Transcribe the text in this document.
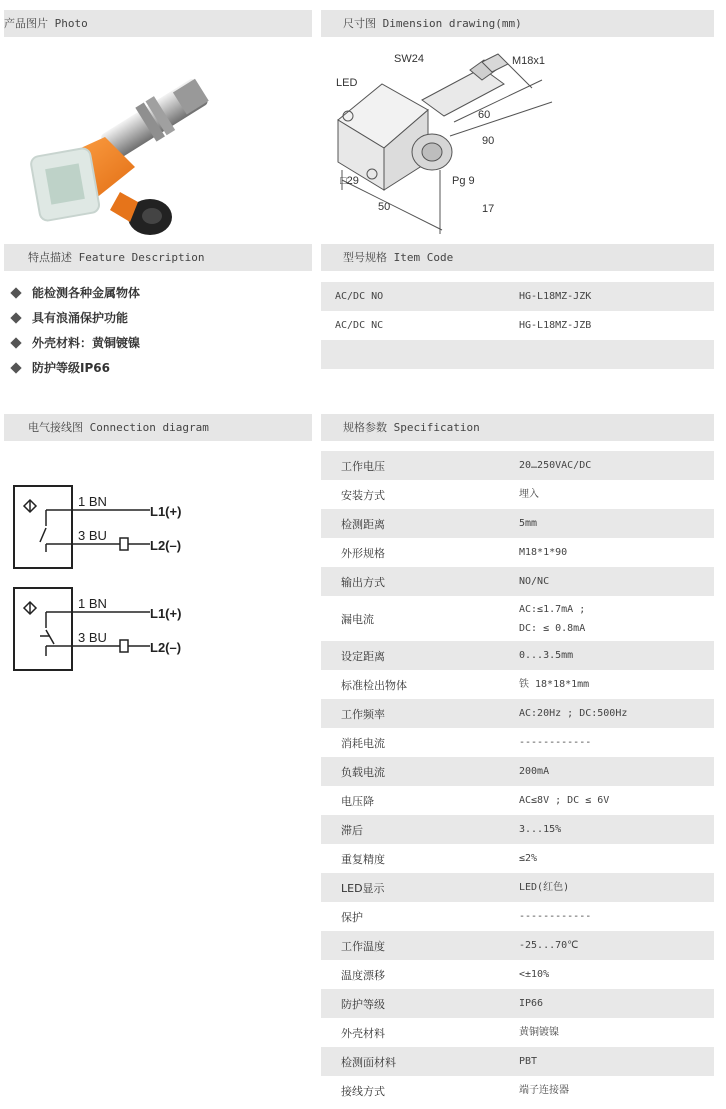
产品图片 Photo	尺寸图 Dimension drawing(mm)
特点描述 Feature Description	型号规格 Item Code
电气接线图 Connection diagram	规格参数 Specification
LED
SW24	M18x1
60
90
□29	Pg 9
17
50
能检测各种金属物体
具有浪涌保护功能
外壳材料：黄铜镀镍
防护等级IP66
AC/DC NO	HG-L18MZ-JZK
AC/DC NC	HG-L18MZ-JZB
1 BN
3 BU
L1(+)
L2(–)
1 BN
3 BU
L1(+)
L2(–)
工作电压	20…250VAC/DC
安装方式	埋入
检测距离	5mm
外形规格	M18*1*90
输出方式	NO/NC
漏电流
AC:≤1.7mA ;
DC: ≤ 0.8mA
设定距离	0...3.5mm
标准检出物体	铁 18*18*1mm
工作频率	AC:20Hz ; DC:500Hz
消耗电流	------------
负载电流	200mA
电压降	AC≤8V ; DC ≤ 6V
滞后	3...15%
重复精度	≤2%
LED显示	LED(红色)
保护	------------
工作温度	-25...70℃
温度漂移	<±10%
防护等级	IP66
外壳材料	黄铜镀镍
检测面材料	PBT
接线方式	端子连接器
